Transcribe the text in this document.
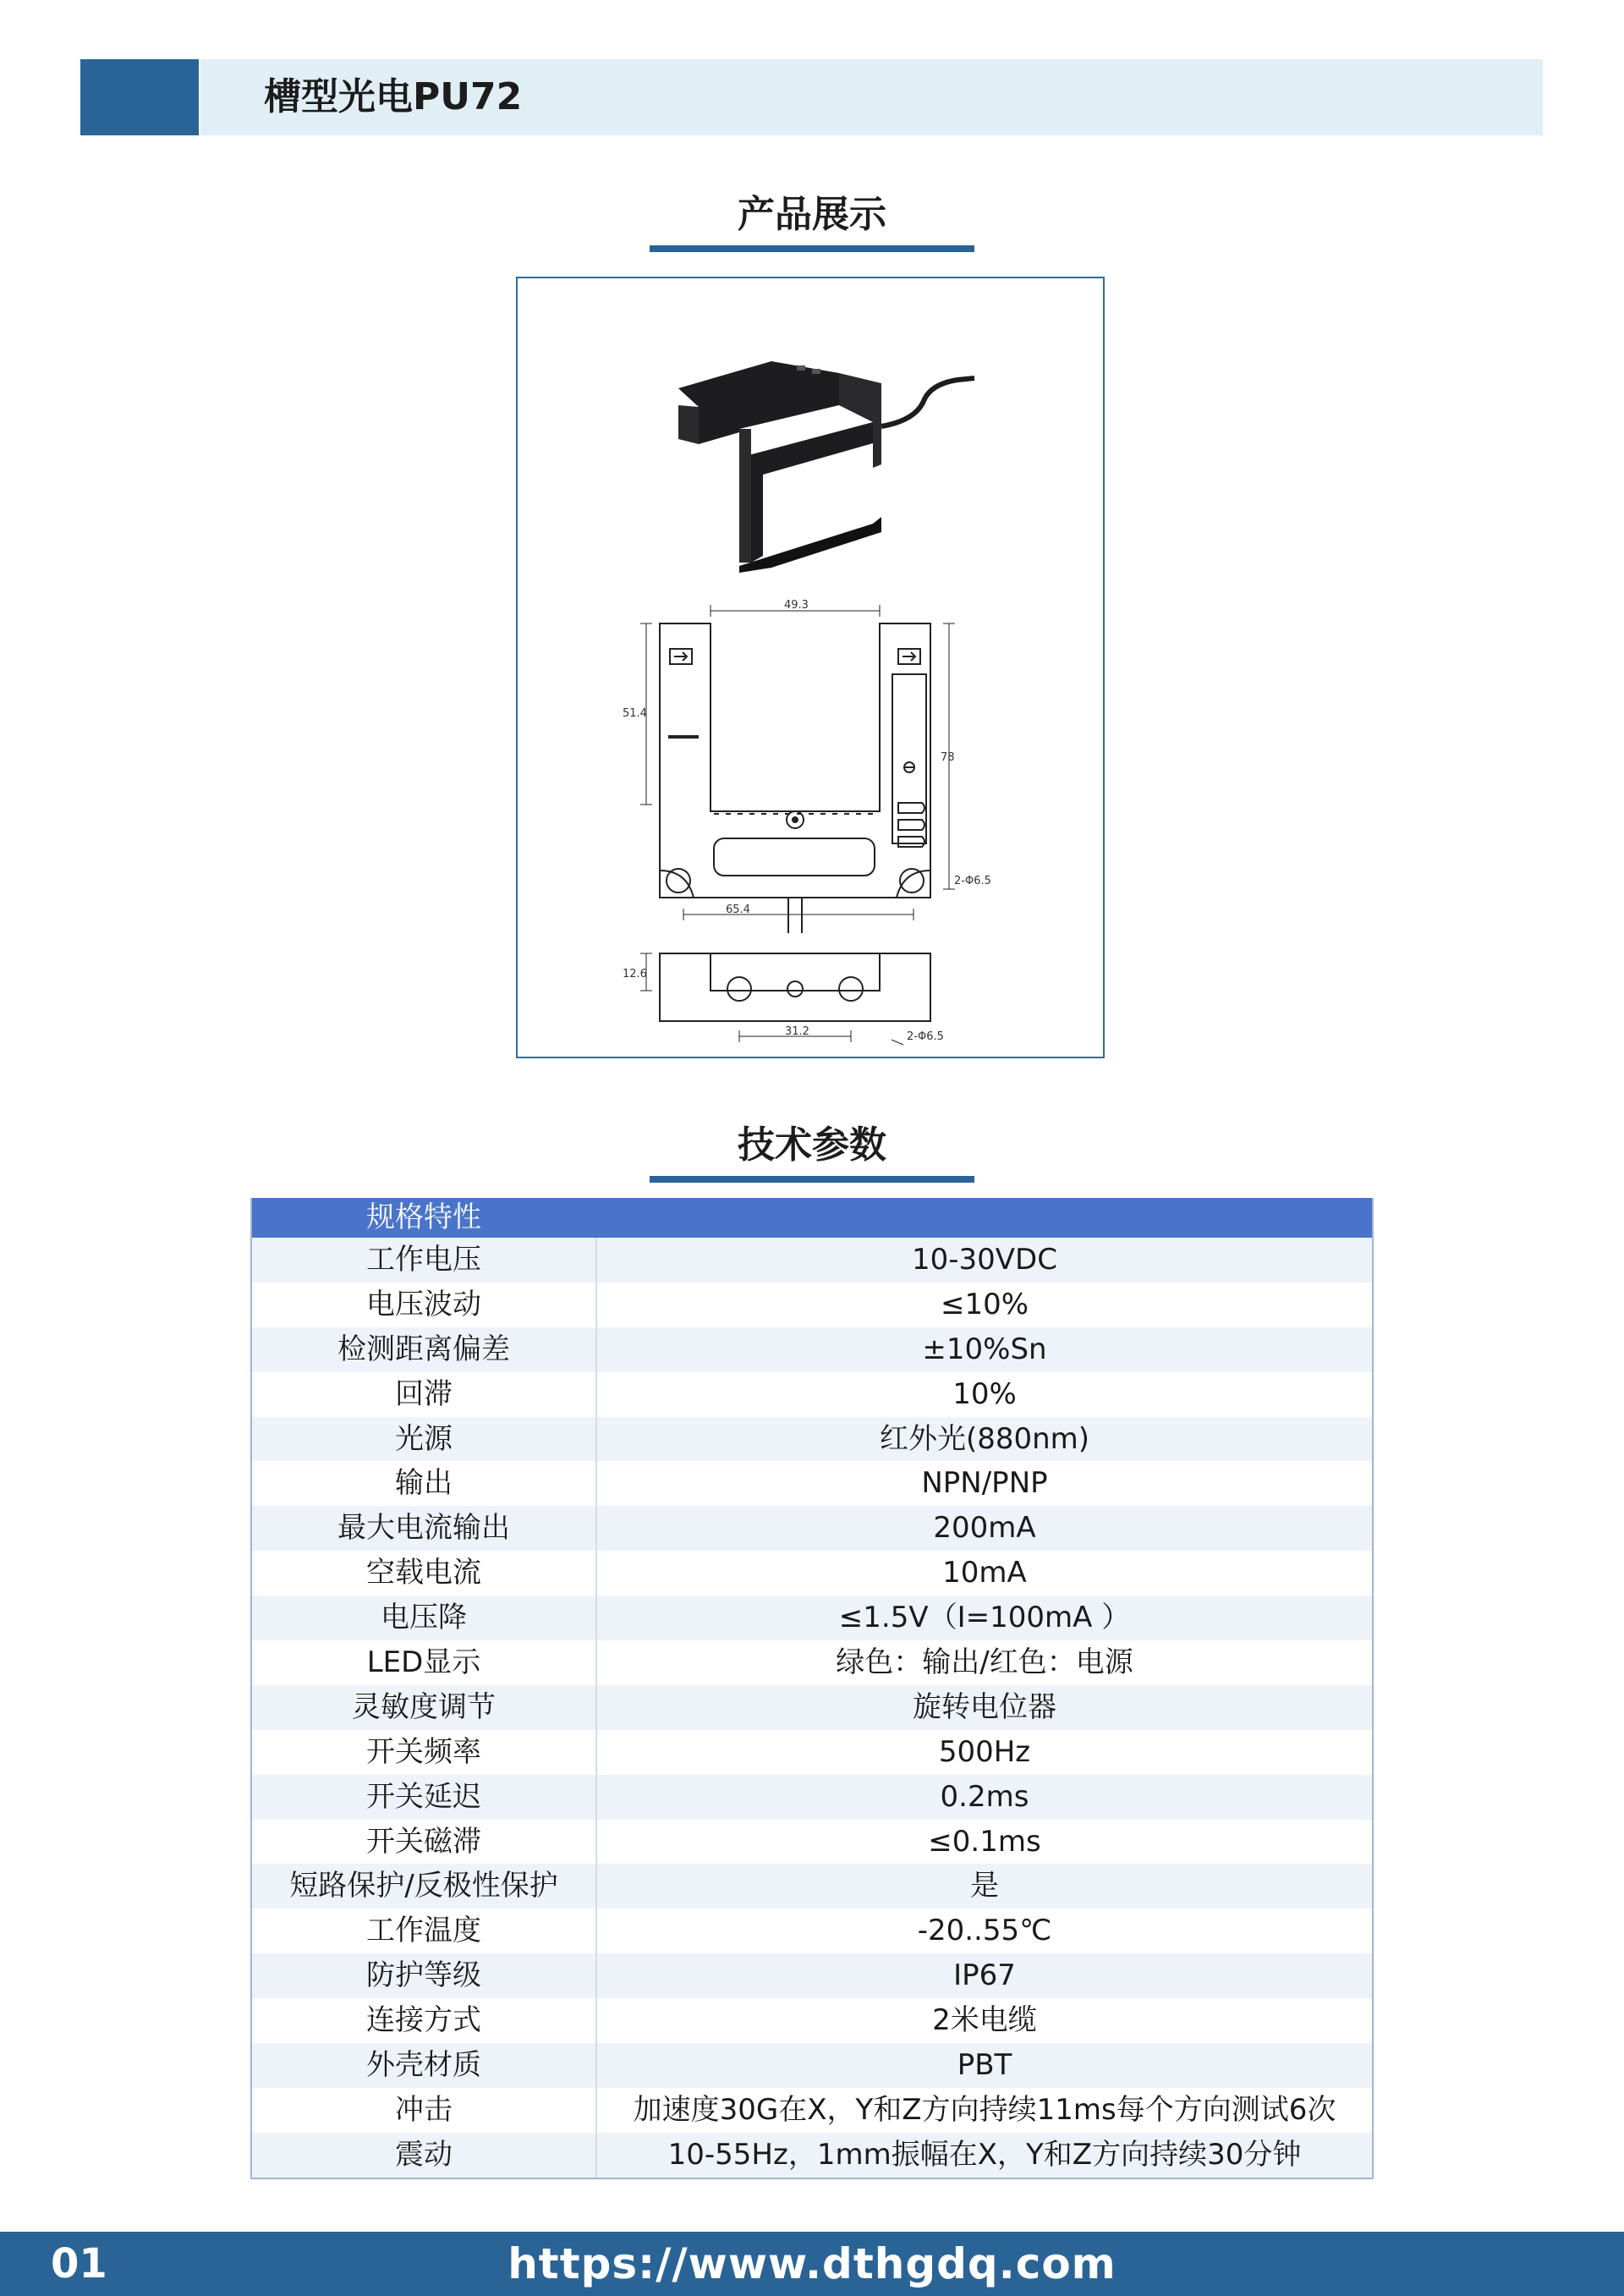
槽型光电PU72
产品展示
49.3
51.4
78
2-Φ6.5
65.4
12.6
31.2	2-Φ6.5
技术参数
规格特性
工作电压	10-30VDC
电压波动	≤10%
检测距离偏差	±10%Sn
回滞	10%
光源	红外光(880nm)
输出	NPN/PNP
最大电流输出	200mA
空载电流	10mA
电压降	≤1.5V（I=100mA ）
LED显示	绿色：输出/红色：电源
灵敏度调节	旋转电位器
开关频率	500Hz
开关延迟	0.2ms
开关磁滞	≤0.1ms
短路保护/反极性保护	是
工作温度	-20..55℃
防护等级	IP67
连接方式	2米电缆
外壳材质	PBT
冲击	加速度30G在X，Y和Z方向持续11ms每个方向测试6次
震动	10-55Hz，1mm振幅在X，Y和Z方向持续30分钟
01	https://www.dthgdq.com
